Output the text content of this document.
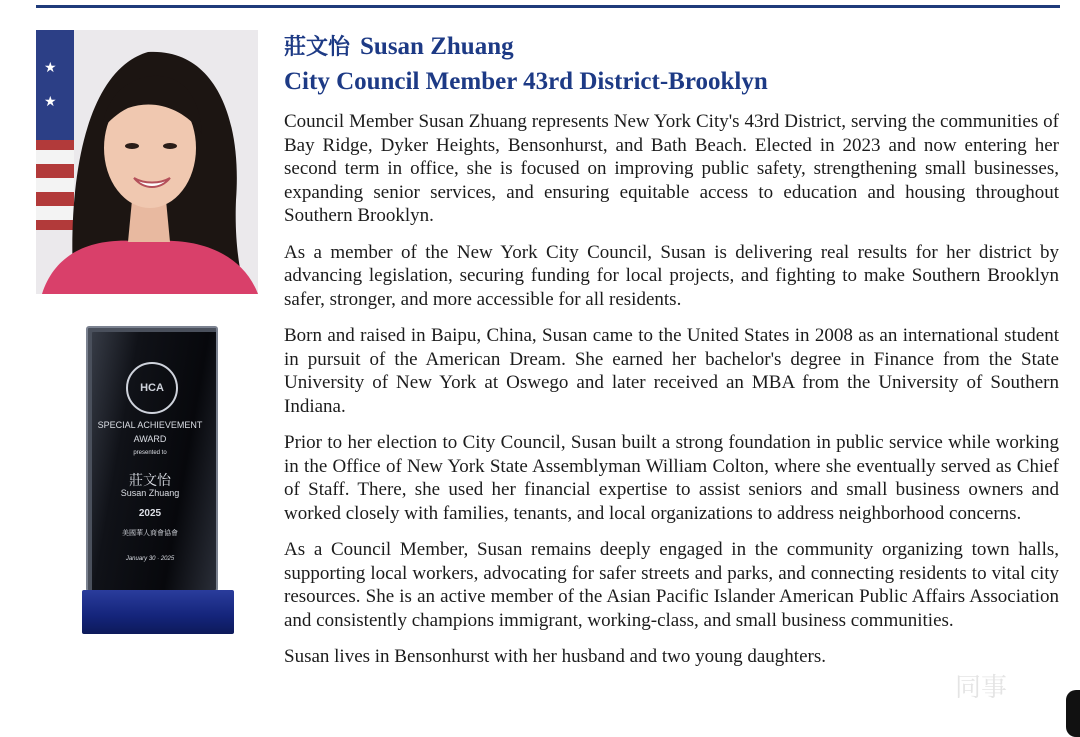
★
★
HCA
SPECIAL ACHIEVEMENT
AWARD
presented to
莊文怡
Susan Zhuang
2025
美國華人商會協會
January 30 · 2025
莊文怡 Susan Zhuang
City Council Member 43rd District-Brooklyn

Council Member Susan Zhuang represents New York City's 43rd District, serving the communities of Bay Ridge, Dyker Heights, Bensonhurst, and Bath Beach. Elected in 2023 and now entering her second term in office, she is focused on improving public safety, strengthening small businesses, expanding senior services, and ensuring equitable access to education and housing throughout Southern Brooklyn.

As a member of the New York City Council, Susan is delivering real results for her district by advancing legislation, securing funding for local projects, and fighting to make Southern Brooklyn safer, stronger, and more accessible for all residents.

Born and raised in Baipu, China, Susan came to the United States in 2008 as an international student in pursuit of the American Dream. She earned her bachelor's degree in Finance from the State University of New York at Oswego and later received an MBA from the University of Southern Indiana.

Prior to her election to City Council, Susan built a strong foundation in public service while working in the Office of New York State Assemblyman William Colton, where she eventually served as Chief of Staff. There, she used her financial expertise to assist seniors and small business owners and worked closely with families, tenants, and local organizations to address neighborhood concerns.

As a Council Member, Susan remains deeply engaged in the community organizing town halls, supporting local workers, advocating for safer streets and parks, and connecting residents to vital city resources. She is an active member of the Asian Pacific Islander American Public Affairs Association and consistently champions immigrant, working-class, and small business communities.

Susan lives in Bensonhurst with her husband and two young daughters.

同事
